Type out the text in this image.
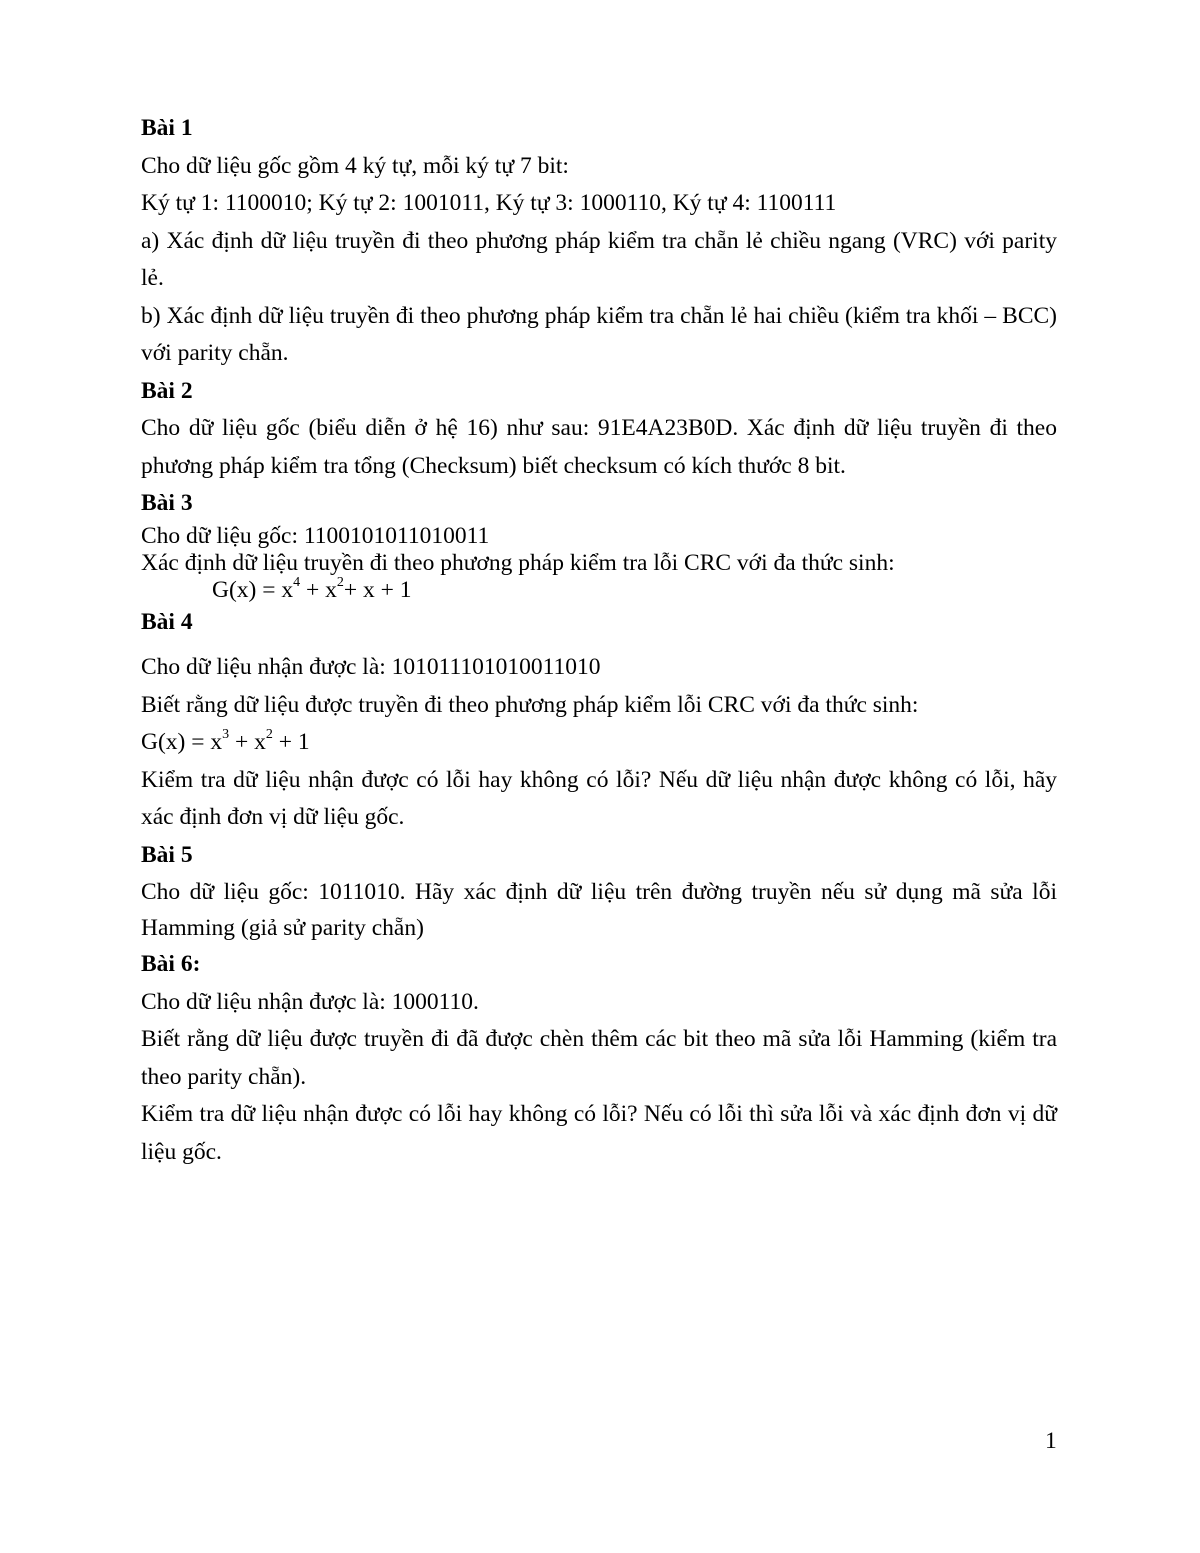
Bài 1

Cho dữ liệu gốc gồm 4 ký tự, mỗi ký tự 7 bit:

Ký tự 1: 1100010; Ký tự 2: 1001011, Ký tự 3: 1000110, Ký tự 4: 1100111

a) Xác định dữ liệu truyền đi theo phương pháp kiểm tra chẵn lẻ chiều ngang (VRC) với parity lẻ.

b) Xác định dữ liệu truyền đi theo phương pháp kiểm tra chẵn lẻ hai chiều (kiểm tra khối – BCC) với parity chẵn.

Bài 2

Cho dữ liệu gốc (biểu diễn ở hệ 16) như sau: 91E4A23B0D. Xác định dữ liệu truyền đi theo phương pháp kiểm tra tổng (Checksum) biết checksum có kích thước 8 bit.

Bài 3

Cho dữ liệu gốc: 1100101011010011

Xác định dữ liệu truyền đi theo phương pháp kiểm tra lỗi CRC với đa thức sinh:

$G(x) = x^4 + x^2+ x + 1$

Bài 4

Cho dữ liệu nhận được là: 101011101010011010

Biết rằng dữ liệu được truyền đi theo phương pháp kiểm lỗi CRC với đa thức sinh:

$G(x) = x^3 + x^2 + 1$

Kiểm tra dữ liệu nhận được có lỗi hay không có lỗi? Nếu dữ liệu nhận được không có lỗi, hãy xác định đơn vị dữ liệu gốc.

Bài 5

Cho dữ liệu gốc: 1011010. Hãy xác định dữ liệu trên đường truyền nếu sử dụng mã sửa lỗi Hamming (giả sử parity chẵn)

Bài 6:

Cho dữ liệu nhận được là: 1000110.

Biết rằng dữ liệu được truyền đi đã được chèn thêm các bit theo mã sửa lỗi Hamming (kiểm tra theo parity chẵn).

Kiểm tra dữ liệu nhận được có lỗi hay không có lỗi? Nếu có lỗi thì sửa lỗi và xác định đơn vị dữ liệu gốc.

1
